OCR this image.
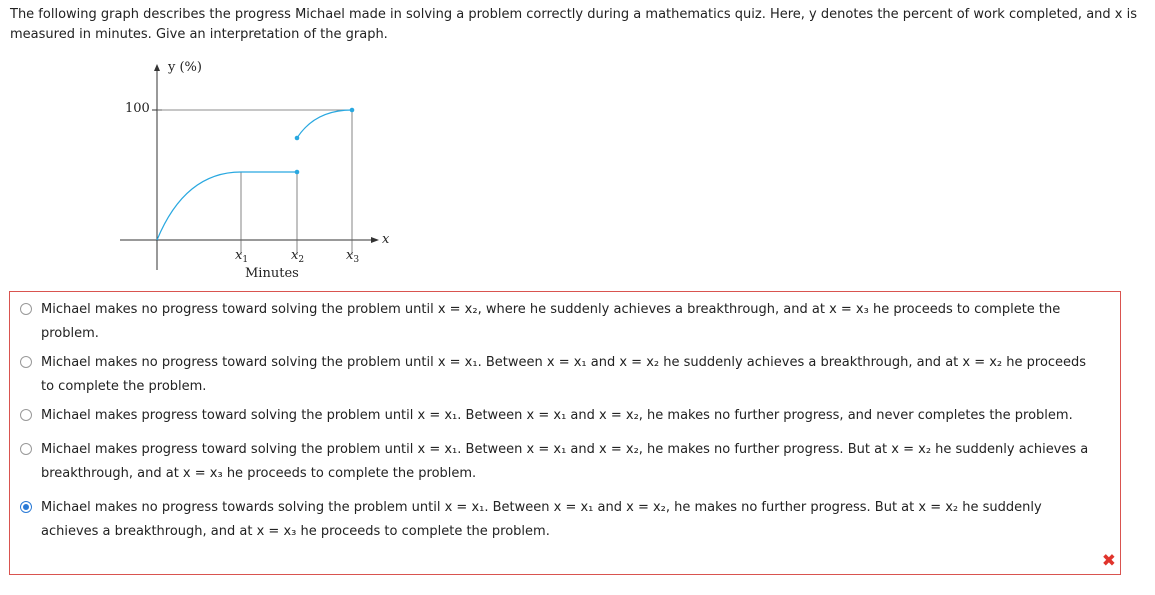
The following graph describes the progress Michael made in solving a problem correctly during a mathematics quiz. Here, y denotes the percent of work completed, and x is

measured in minutes. Give an interpretation of the graph.

y (%)
100
x
$x_1$	$x_2$	$x_3$
Minutes
Michael makes no progress toward solving the problem until x = x₂, where he suddenly achieves a breakthrough, and at x = x₃ he proceeds to complete the
problem.
Michael makes no progress toward solving the problem until x = x₁. Between x = x₁ and x = x₂ he suddenly achieves a breakthrough, and at x = x₂ he proceeds
to complete the problem.
Michael makes progress toward solving the problem until x = x₁. Between x = x₁ and x = x₂, he makes no further progress, and never completes the problem.
Michael makes progress toward solving the problem until x = x₁. Between x = x₁ and x = x₂, he makes no further progress. But at x = x₂ he suddenly achieves a
breakthrough, and at x = x₃ he proceeds to complete the problem.
Michael makes no progress towards solving the problem until x = x₁. Between x = x₁ and x = x₂, he makes no further progress. But at x = x₂ he suddenly
achieves a breakthrough, and at x = x₃ he proceeds to complete the problem.
✖
